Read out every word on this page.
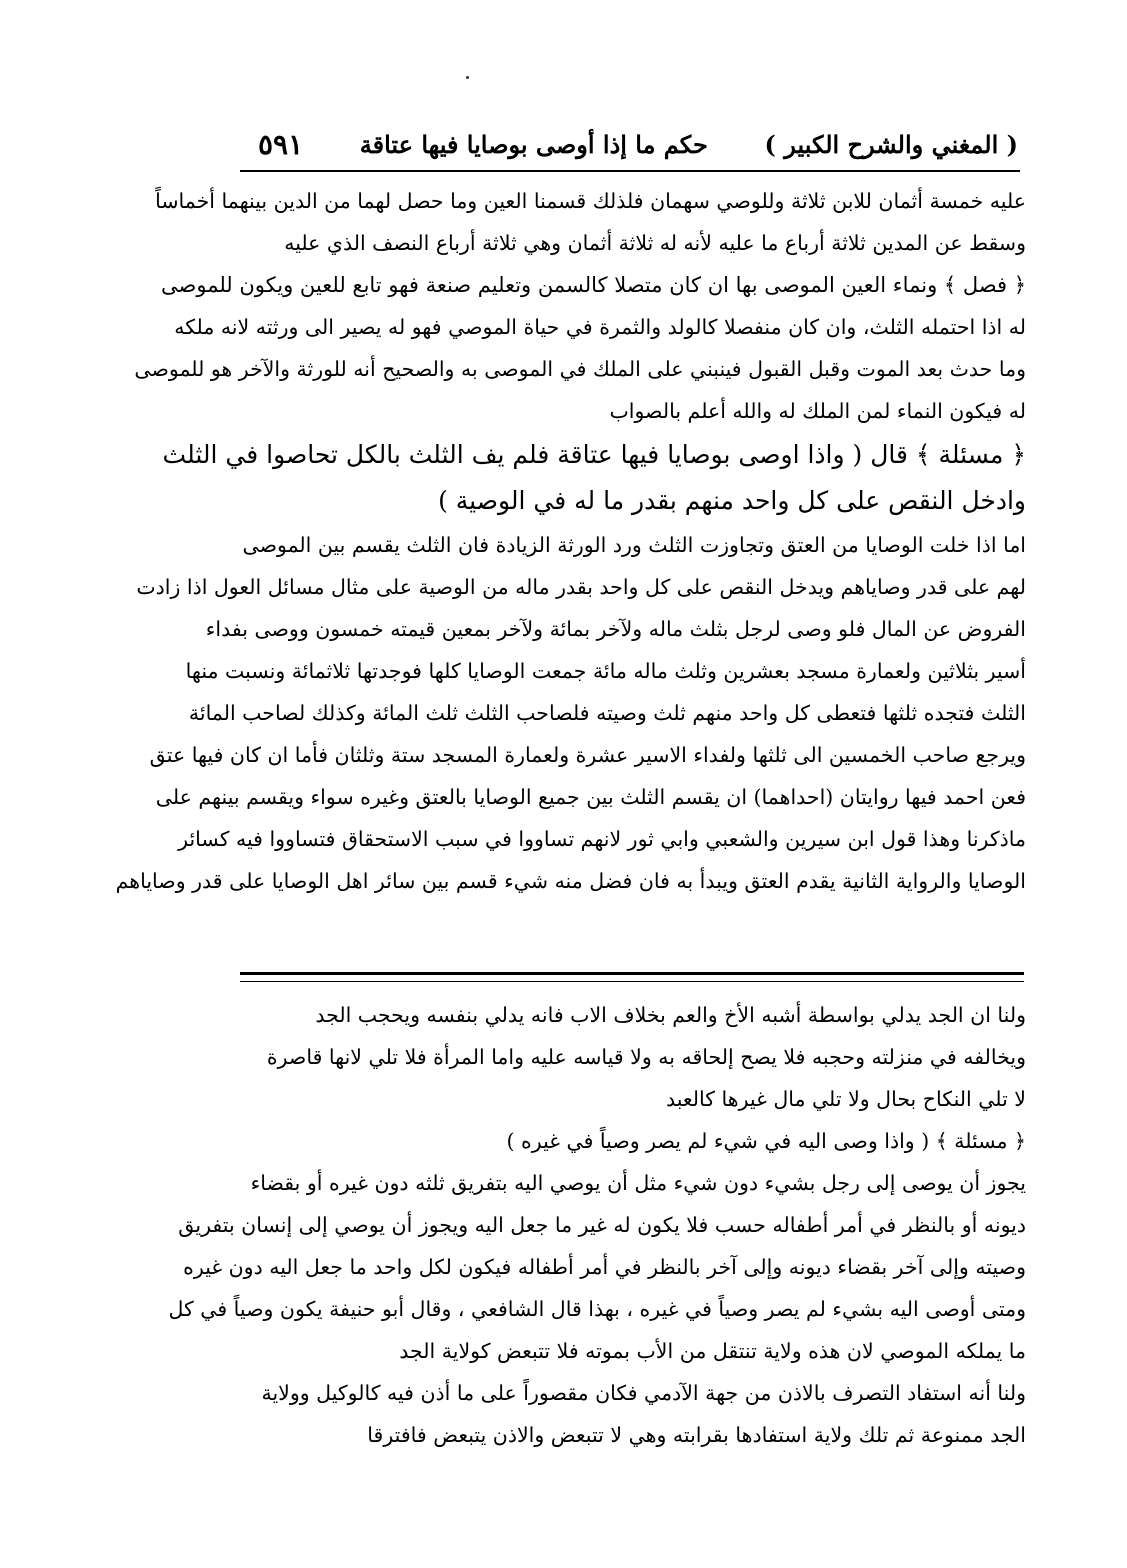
( المغني والشرح الكبير )
حكم ما إذا أوصى بوصايا فيها عتاقة
٥٩١
عليه خمسة أثمان للابن ثلاثة وللوصي سهمان فلذلك قسمنا العين وما حصل لهما من الدين بينهما أخماساً
وسقط عن المدين ثلاثة أرباع ما عليه لأنه له ثلاثة أثمان وهي ثلاثة أرباع النصف الذي عليه
﴿ فصل ﴾ ونماء العين الموصى بها ان كان متصلا كالسمن وتعليم صنعة فهو تابع للعين ويكون للموصى
له اذا احتمله الثلث، وان كان منفصلا كالولد والثمرة في حياة الموصي فهو له يصير الى ورثته لانه ملكه
وما حدث بعد الموت وقبل القبول فينبني على الملك في الموصى به والصحيح أنه للورثة والآخر هو للموصى
له فيكون النماء لمن الملك له والله أعلم بالصواب
﴿ مسئلة ﴾ قال ( واذا اوصى بوصايا فيها عتاقة فلم يف الثلث بالكل تحاصوا في الثلث
وادخل النقص على كل واحد منهم بقدر ما له في الوصية )
اما اذا خلت الوصايا من العتق وتجاوزت الثلث ورد الورثة الزيادة فان الثلث يقسم بين الموصى
لهم على قدر وصاياهم ويدخل النقص على كل واحد بقدر ماله من الوصية على مثال مسائل العول اذا زادت
الفروض عن المال فلو وصى لرجل بثلث ماله ولآخر بمائة ولآخر بمعين قيمته خمسون ووصى بفداء
أسير بثلاثين ولعمارة مسجد بعشرين وثلث ماله مائة جمعت الوصايا كلها فوجدتها ثلاثمائة ونسبت منها
الثلث فتجده ثلثها فتعطى كل واحد منهم ثلث وصيته فلصاحب الثلث ثلث المائة وكذلك لصاحب المائة
ويرجع صاحب الخمسين الى ثلثها ولفداء الاسير عشرة ولعمارة المسجد ستة وثلثان فأما ان كان فيها عتق
فعن احمد فيها روايتان (احداهما) ان يقسم الثلث بين جميع الوصايا بالعتق وغيره سواء ويقسم بينهم على
ماذكرنا وهذا قول ابن سيرين والشعبي وابي ثور لانهم تساووا في سبب الاستحقاق فتساووا فيه كسائر
الوصايا والرواية الثانية يقدم العتق ويبدأ به فان فضل منه شيء قسم بين سائر اهل الوصايا على قدر وصاياهم
ولنا ان الجد يدلي بواسطة أشبه الأخ والعم بخلاف الاب فانه يدلي بنفسه ويحجب الجد
ويخالفه في منزلته وحجبه فلا يصح إلحاقه به ولا قياسه عليه واما المرأة فلا تلي لانها قاصرة
لا تلي النكاح بحال ولا تلي مال غيرها كالعبد
﴿ مسئلة ﴾ ( واذا وصى اليه في شيء لم يصر وصياً في غيره )
يجوز أن يوصى إلى رجل بشيء دون شيء مثل أن يوصي اليه بتفريق ثلثه دون غيره أو بقضاء
ديونه أو بالنظر في أمر أطفاله حسب فلا يكون له غير ما جعل اليه ويجوز أن يوصي إلى إنسان بتفريق
وصيته وإلى آخر بقضاء ديونه وإلى آخر بالنظر في أمر أطفاله فيكون لكل واحد ما جعل اليه دون غيره
ومتى أوصى اليه بشيء لم يصر وصياً في غيره ، بهذا قال الشافعي ، وقال أبو حنيفة يكون وصياً في كل
ما يملكه الموصي لان هذه ولاية تنتقل من الأب بموته فلا تتبعض كولاية الجد
ولنا أنه استفاد التصرف بالاذن من جهة الآدمي فكان مقصوراً على ما أذن فيه كالوكيل وولاية
الجد ممنوعة ثم تلك ولاية استفادها بقرابته وهي لا تتبعض والاذن يتبعض فافترقا
